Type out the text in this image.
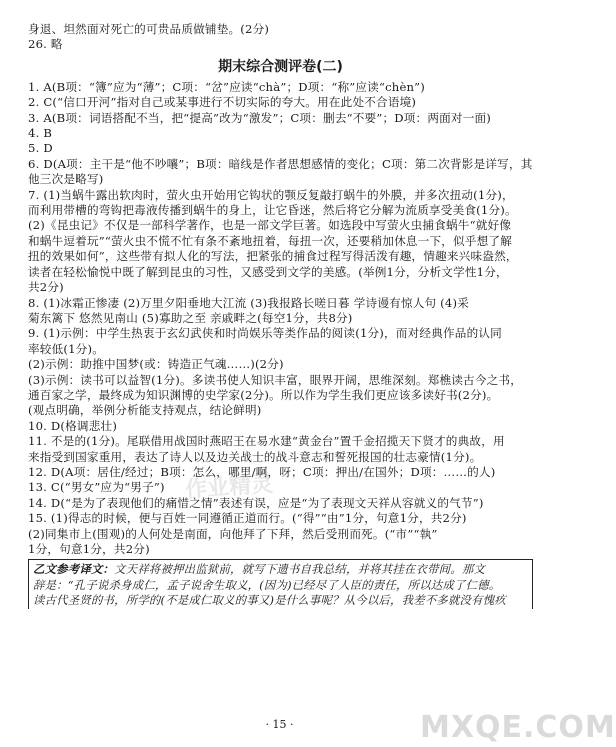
身退、坦然面对死亡的可贵品质做铺垫。(2分)
26. 略
期末综合测评卷(二)
1. A(B项：“簿”应为“薄”；C项：“岔”应读“chà”；D项：“称”应读“chèn”)
2. C(“信口开河”指对自己或某事进行不切实际的夸大。用在此处不合语境)
3. A(B项：词语搭配不当，把“提高”改为“激发”；C项：删去“不要”；D项：两面对一面)
4. B
5. D
6. D(A项：主干是“他不吵嚷”；B项：暗线是作者思想感情的变化；C项：第二次背影是详写，其
他三次是略写)
7. (1)当蜗牛露出软肉时，萤火虫开始用它钩状的颚反复敲打蜗牛的外膜，并多次扭动(1分)，
而利用带槽的弯钩把毒液传播到蜗牛的身上，让它昏迷，然后将它分解为流质享受美食(1分)。
(2)《昆虫记》不仅是一部科学著作，也是一部文学巨著。如选段中写萤火虫捕食蜗牛“就好像
和蜗牛逗着玩”“萤火虫不慌不忙有条不紊地扭着，每扭一次，还要稍加休息一下，似乎想了解
扭的效果如何”，这些带有拟人化的写法，把紧张的捕食过程写得活泼有趣，情趣来兴味盎然，
读者在轻松愉悦中既了解到昆虫的习性，又感受到文学的美感。(举例1分，分析文学性1分，
共2分)
8. (1)冰霜正惨凄 (2)万里夕阳垂地大江流 (3)我报路长嗟日暮 学诗谩有惊人句 (4)采
菊东篱下 悠然见南山 (5)寡助之至 亲戚畔之(每空1分，共8分)
9. (1)示例：中学生热衷于玄幻武侠和时尚娱乐等类作品的阅读(1分)，而对经典作品的认同
率较低(1分)。
(2)示例：助推中国梦(或：铸造正气魂……)(2分)
(3)示例：读书可以益智(1分)。多读书使人知识丰富，眼界开阔，思维深刻。郑樵读古今之书，
通百家之学，最终成为知识渊博的史学家(2分)。所以作为学生我们更应该多读好书(2分)。
(观点明确，举例分析能支持观点，结论鲜明)
10. D(格调悲壮)
11. 不是的(1分)。尾联借用战国时燕昭王在易水建“黄金台”置千金招揽天下贤才的典故，用
来指受到国家重用，表达了诗人以及边关战士的战斗意志和誓死报国的壮志豪情(1分)。
12. D(A项：居住/经过；B项：怎么，哪里/啊，呀；C项：押出/在国外；D项：……的人)
13. C(“男女”应为“男子”)
14. D(“是为了表现他们的痛惜之情”表述有误，应是“为了表现文天祥从容就义的气节”)
15. (1)得志的时候，便与百姓一同遵循正道而行。(“得”“由”1分，句意1分，共2分)
(2)同集市上(围观)的人何处是南面，向他拜了下拜，然后受刑而死。(“市”“執”
1分，句意1分，共2分)
乙文参考译文：文天祥将被押出监狱前，就写下遗书自我总结，并将其挂在衣带间。那文
辞是：“孔子说杀身成仁，孟子说舍生取义，(因为)已经尽了人臣的责任，所以达成了仁德。
读古代圣贤的书，所学的(不是成仁取义的事又)是什么事呢？从今以后，我差不多就没有愧疚
· 15 ·
作业精灵
MXQE.COM
